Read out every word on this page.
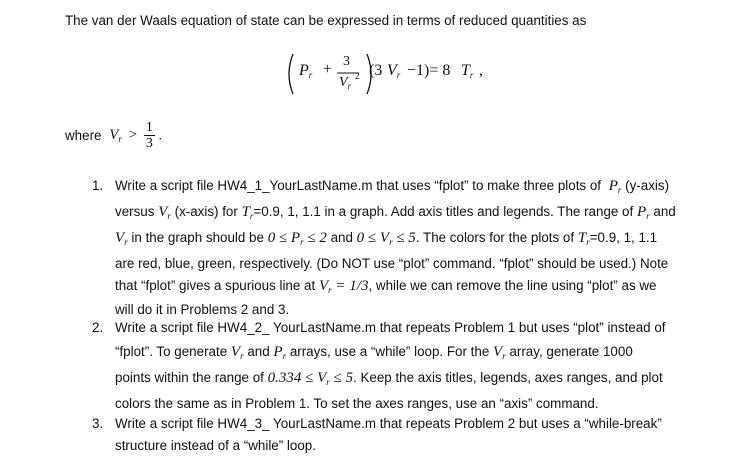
The van der Waals equation of state can be expressed in terms of reduced quantities as
$P_r + 3$
$V_r$
2 (3 $V_r -1)= 8$ $T_r$ ,
where $V_r > \frac{1}{3}$ .
1. Write a script file HW4_1_YourLastName.m that uses “fplot” to make three plots of $P_r$ (y-axis)
versus $V_r$ (x-axis) for $T_r=0.9$, 1, 1.1 in a graph. Add axis titles and legends. The range of $P_r$ and
$V_r$ in the graph should be $0 \le P_r \le 2$ and $0 \le V_r \le 5$. The colors for the plots of $T_r=0.9$, 1, 1.1
are red, blue, green, respectively. (Do NOT use “plot” command. “fplot” should be used.) Note
that “fplot” gives a spurious line at $V_r = 1/3$, while we can remove the line using “plot” as we
will do it in Problems 2 and 3.
2. Write a script file HW4_2_ YourLastName.m that repeats Problem 1 but uses “plot” instead of
“fplot”. To generate $V_r$ and $P_r$ arrays, use a “while” loop. For the $V_r$ array, generate 1000
points within the range of $0.334 \le V_r \le 5$. Keep the axis titles, legends, axes ranges, and plot
colors the same as in Problem 1. To set the axes ranges, use an “axis” command.
3. Write a script file HW4_3_ YourLastName.m that repeats Problem 2 but uses a “while-break”
structure instead of a “while” loop.
